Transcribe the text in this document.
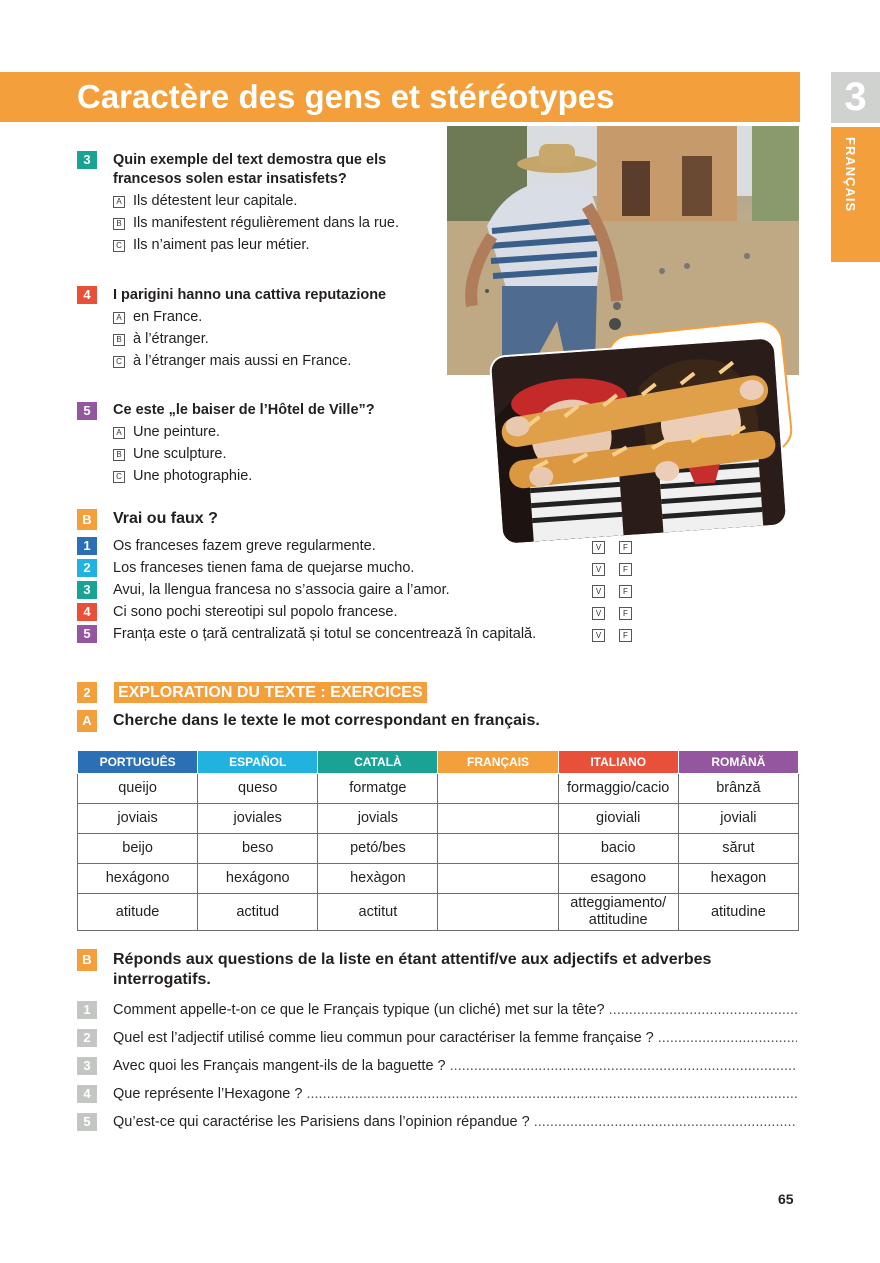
Caractère des gens et stéréotypes	3
FRANÇAIS
3	Quin exemple del text demostra que els francesos solen estar insatisfets?
A Ils détestent leur capitale.
B Ils manifestent régulièrement dans la rue.
C Ils n’aiment pas leur métier.
4	I parigini hanno una cattiva reputazione
A en France.
B à l’étranger.
C à l’étranger mais aussi en France.
5	Ce este „le baiser de l’Hôtel de Ville”?
A Une peinture.
B Une sculpture.
C Une photographie.
B	Vrai ou faux ?
1	Os franceses fazem greve regularmente.	V	F
2	Los franceses tienen fama de quejarse mucho.	V	F
3	Avui, la llengua francesa no s’associa gaire a l’amor.	V	F
4	Ci sono pochi stereotipi sul popolo francese.	V	F
5	Franța este o țară centralizată și totul se concentrează în capitală.	V	F
2	EXPLORATION DU TEXTE : EXERCICES
A	Cherche dans le texte le mot correspondant en français.
PORTUGUÊS	ESPAÑOL	CATALÀ	FRANÇAIS	ITALIANO	ROMÂNĂ
queijo	queso	formatge		formaggio/cacio	brânză
joviais	joviales	jovials		gioviali	joviali
beijo	beso	petó/bes		bacio	sărut
hexágono	hexágono	hexàgon		esagono	hexagon
atitude	actitud	actitut		atteggiamento/ attitudine	atitudine
B	Réponds aux questions de la liste en étant attentif/ve aux adjectifs et adverbes interrogatifs.
1	Comment appelle-t-on ce que le Français typique (un cliché) met sur la tête? .....
2	Quel est l’adjectif utilisé comme lieu commun pour caractériser la femme française ? .....
3	Avec quoi les Français mangent-ils de la baguette ? .....
4	Que représente l’Hexagone ? .....
5	Qu’est-ce qui caractérise les Parisiens dans l’opinion répandue ? .....
65
